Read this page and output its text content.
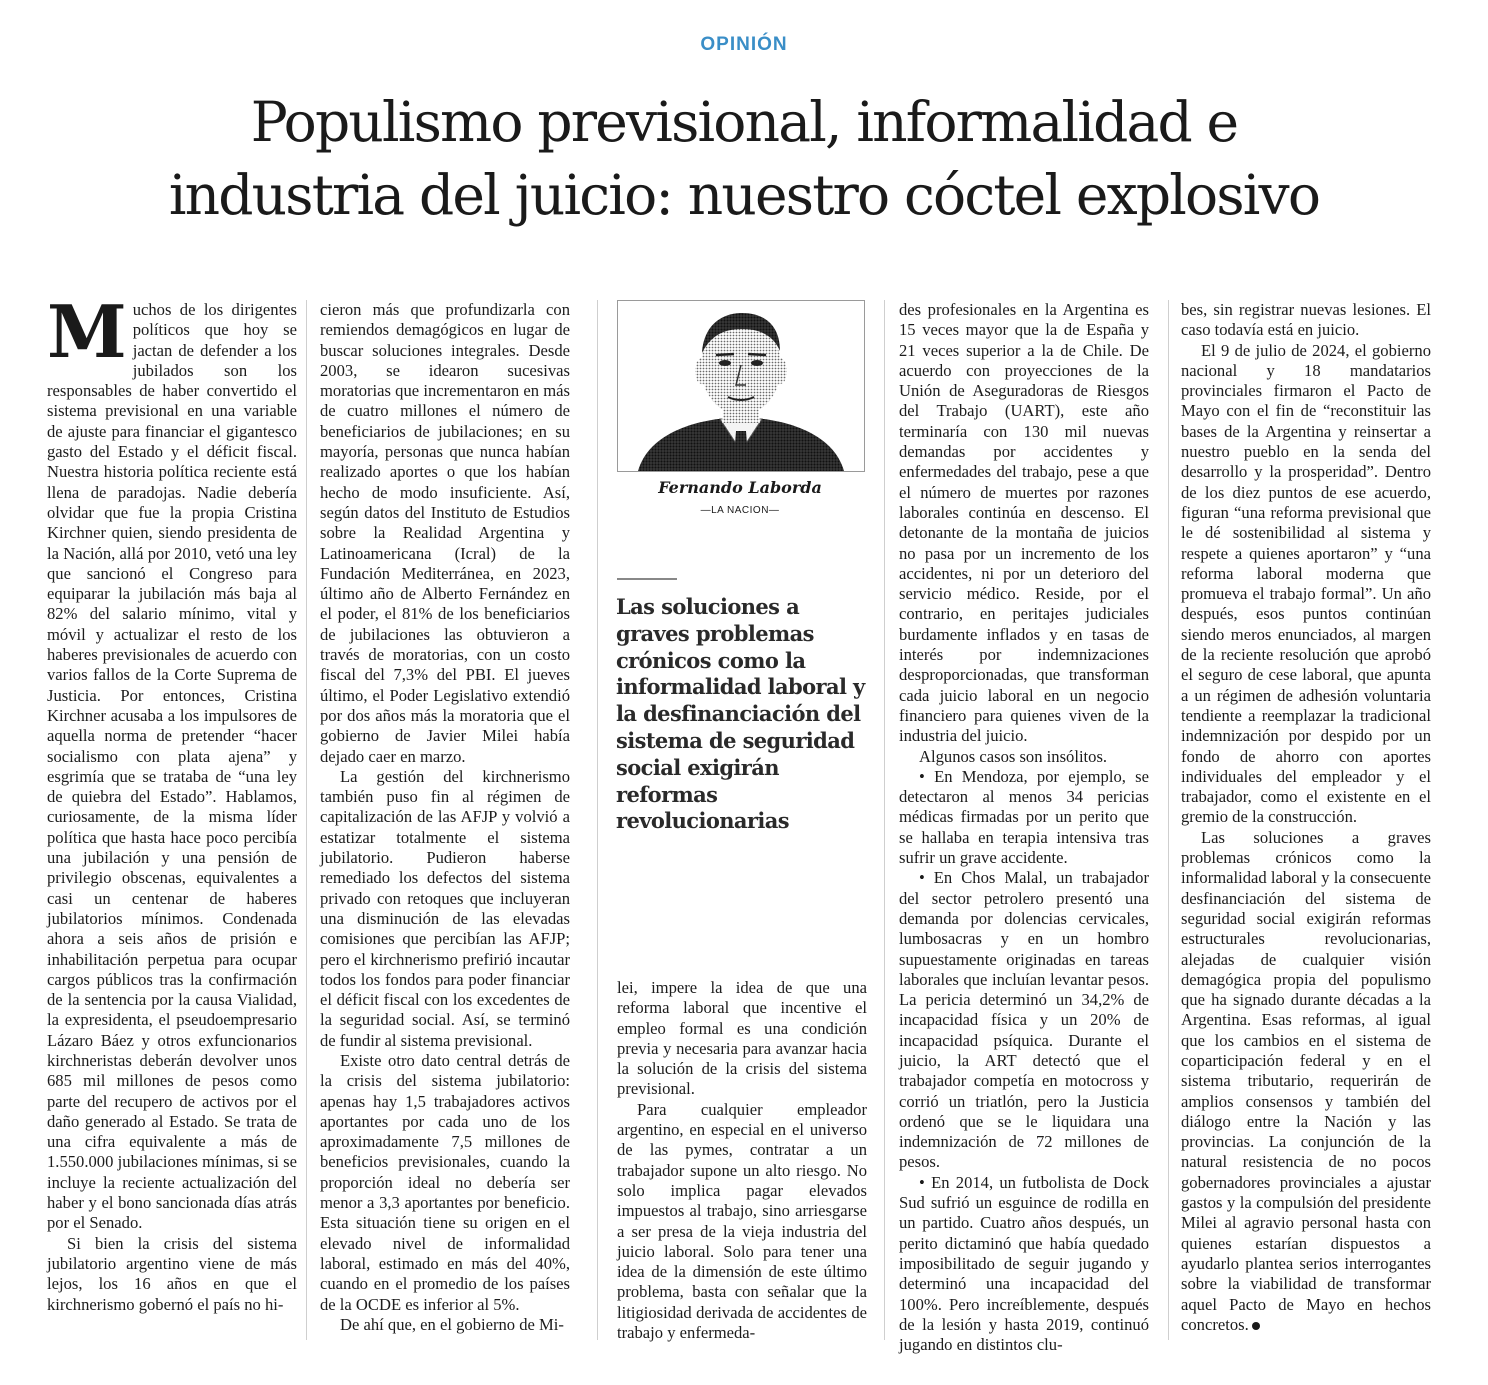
OPINIÓN
Populismo previsional, informalidad e
industria del juicio: nuestro cóctel explosivo

Muchos de los dirigentes políticos que hoy se jactan de defender a los jubilados son los responsables de haber convertido el sistema previsional en una variable de ajuste para financiar el gigantesco gasto del Estado y el déficit fiscal. Nuestra historia política reciente está llena de paradojas. Nadie debería olvidar que fue la propia Cristina Kirchner quien, siendo presidenta de la Nación, allá por 2010, vetó una ley que sancionó el Congreso para equiparar la jubilación más baja al 82% del salario mínimo, vital y móvil y actualizar el resto de los haberes previsionales de acuerdo con varios fallos de la Corte Suprema de Justicia. Por entonces, Cristina Kirchner acusaba a los impulsores de aquella norma de pretender “hacer socialismo con plata ajena” y esgrimía que se trataba de “una ley de quiebra del Estado”. Hablamos, curiosamente, de la misma líder política que hasta hace poco percibía una jubilación y una pensión de privilegio obscenas, equivalentes a casi un centenar de haberes jubilatorios mínimos. Condenada ahora a seis años de prisión e inhabilitación perpetua para ocupar cargos públicos tras la confirmación de la sentencia por la causa Vialidad, la expresidenta, el pseudoempresario Lázaro Báez y otros exfuncionarios kirchneristas deberán devolver unos 685 mil millones de pesos como parte del recupero de activos por el daño generado al Estado. Se trata de una cifra equivalente a más de 1.550.000 jubilaciones mínimas, si se incluye la reciente actualización del haber y el bono sancionada días atrás por el Senado.

Si bien la crisis del sistema jubilatorio argentino viene de más lejos, los 16 años en que el kirchnerismo gobernó el país no hi-

cieron más que profundizarla con remiendos demagógicos en lugar de buscar soluciones integrales. Desde 2003, se idearon sucesivas moratorias que incrementaron en más de cuatro millones el número de beneficiarios de jubilaciones; en su mayoría, personas que nunca habían realizado aportes o que los habían hecho de modo insuficiente. Así, según datos del Instituto de Estudios sobre la Realidad Argentina y Latinoamericana (Icral) de la Fundación Mediterránea, en 2023, último año de Alberto Fernández en el poder, el 81% de los beneficiarios de jubilaciones las obtuvieron a través de moratorias, con un costo fiscal del 7,3% del PBI. El jueves último, el Poder Legislativo extendió por dos años más la moratoria que el gobierno de Javier Milei había dejado caer en marzo.

La gestión del kirchnerismo también puso fin al régimen de capitalización de las AFJP y volvió a estatizar totalmente el sistema jubilatorio. Pudieron haberse remediado los defectos del sistema privado con retoques que incluyeran una disminución de las elevadas comisiones que percibían las AFJP; pero el kirchnerismo prefirió incautar todos los fondos para poder financiar el déficit fiscal con los excedentes de la seguridad social. Así, se terminó de fundir al sistema previsional.

Existe otro dato central detrás de la crisis del sistema jubilatorio: apenas hay 1,5 trabajadores activos aportantes por cada uno de los aproximadamente 7,5 millones de beneficios previsionales, cuando la proporción ideal no debería ser menor a 3,3 aportantes por beneficio. Esta situación tiene su origen en el elevado nivel de informalidad laboral, estimado en más del 40%, cuando en el promedio de los países de la OCDE es inferior al 5%.

De ahí que, en el gobierno de Mi-

Fernando Laborda
—LA NACION—
Las soluciones a graves problemas crónicos como la informalidad laboral y la desfinanciación del sistema de seguridad social exigirán reformas revolucionarias

lei, impere la idea de que una reforma laboral que incentive el empleo formal es una condición previa y necesaria para avanzar hacia la solución de la crisis del sistema previsional.

Para cualquier empleador argentino, en especial en el universo de las pymes, contratar a un trabajador supone un alto riesgo. No solo implica pagar elevados impuestos al trabajo, sino arriesgarse a ser presa de la vieja industria del juicio laboral. Solo para tener una idea de la dimensión de este último problema, basta con señalar que la litigiosidad derivada de accidentes de trabajo y enfermeda-

des profesionales en la Argentina es 15 veces mayor que la de España y 21 veces superior a la de Chile. De acuerdo con proyecciones de la Unión de Aseguradoras de Riesgos del Trabajo (UART), este año terminaría con 130 mil nuevas demandas por accidentes y enfermedades del trabajo, pese a que el número de muertes por razones laborales continúa en descenso. El detonante de la montaña de juicios no pasa por un incremento de los accidentes, ni por un deterioro del servicio médico. Reside, por el contrario, en peritajes judiciales burdamente inflados y en tasas de interés por indemnizaciones desproporcionadas, que transforman cada juicio laboral en un negocio financiero para quienes viven de la industria del juicio.

Algunos casos son insólitos.

• En Mendoza, por ejemplo, se detectaron al menos 34 pericias médicas firmadas por un perito que se hallaba en terapia intensiva tras sufrir un grave accidente.

• En Chos Malal, un trabajador del sector petrolero presentó una demanda por dolencias cervicales, lumbosacras y en un hombro supuestamente originadas en tareas laborales que incluían levantar pesos. La pericia determinó un 34,2% de incapacidad física y un 20% de incapacidad psíquica. Durante el juicio, la ART detectó que el trabajador competía en motocross y corrió un triatlón, pero la Justicia ordenó que se le liquidara una indemnización de 72 millones de pesos.

• En 2014, un futbolista de Dock Sud sufrió un esguince de rodilla en un partido. Cuatro años después, un perito dictaminó que había quedado imposibilitado de seguir jugando y determinó una incapacidad del 100%. Pero increíblemente, después de la lesión y hasta 2019, continuó jugando en distintos clu-

bes, sin registrar nuevas lesiones. El caso todavía está en juicio.

El 9 de julio de 2024, el gobierno nacional y 18 mandatarios provinciales firmaron el Pacto de Mayo con el fin de “reconstituir las bases de la Argentina y reinsertar a nuestro pueblo en la senda del desarrollo y la prosperidad”. Dentro de los diez puntos de ese acuerdo, figuran “una reforma previsional que le dé sostenibilidad al sistema y respete a quienes aportaron” y “una reforma laboral moderna que promueva el trabajo formal”. Un año después, esos puntos continúan siendo meros enunciados, al margen de la reciente resolución que aprobó el seguro de cese laboral, que apunta a un régimen de adhesión voluntaria tendiente a reemplazar la tradicional indemnización por despido por un fondo de ahorro con aportes individuales del empleador y el trabajador, como el existente en el gremio de la construcción.

Las soluciones a graves problemas crónicos como la informalidad laboral y la consecuente desfinanciación del sistema de seguridad social exigirán reformas estructurales revolucionarias, alejadas de cualquier visión demagógica propia del populismo que ha signado durante décadas a la Argentina. Esas reformas, al igual que los cambios en el sistema de coparticipación federal y en el sistema tributario, requerirán de amplios consensos y también del diálogo entre la Nación y las provincias. La conjunción de la natural resistencia de no pocos gobernadores provinciales a ajustar gastos y la compulsión del presidente Milei al agravio personal hasta con quienes estarían dispuestos a ayudarlo plantea serios interrogantes sobre la viabilidad de transformar aquel Pacto de Mayo en hechos concretos.
